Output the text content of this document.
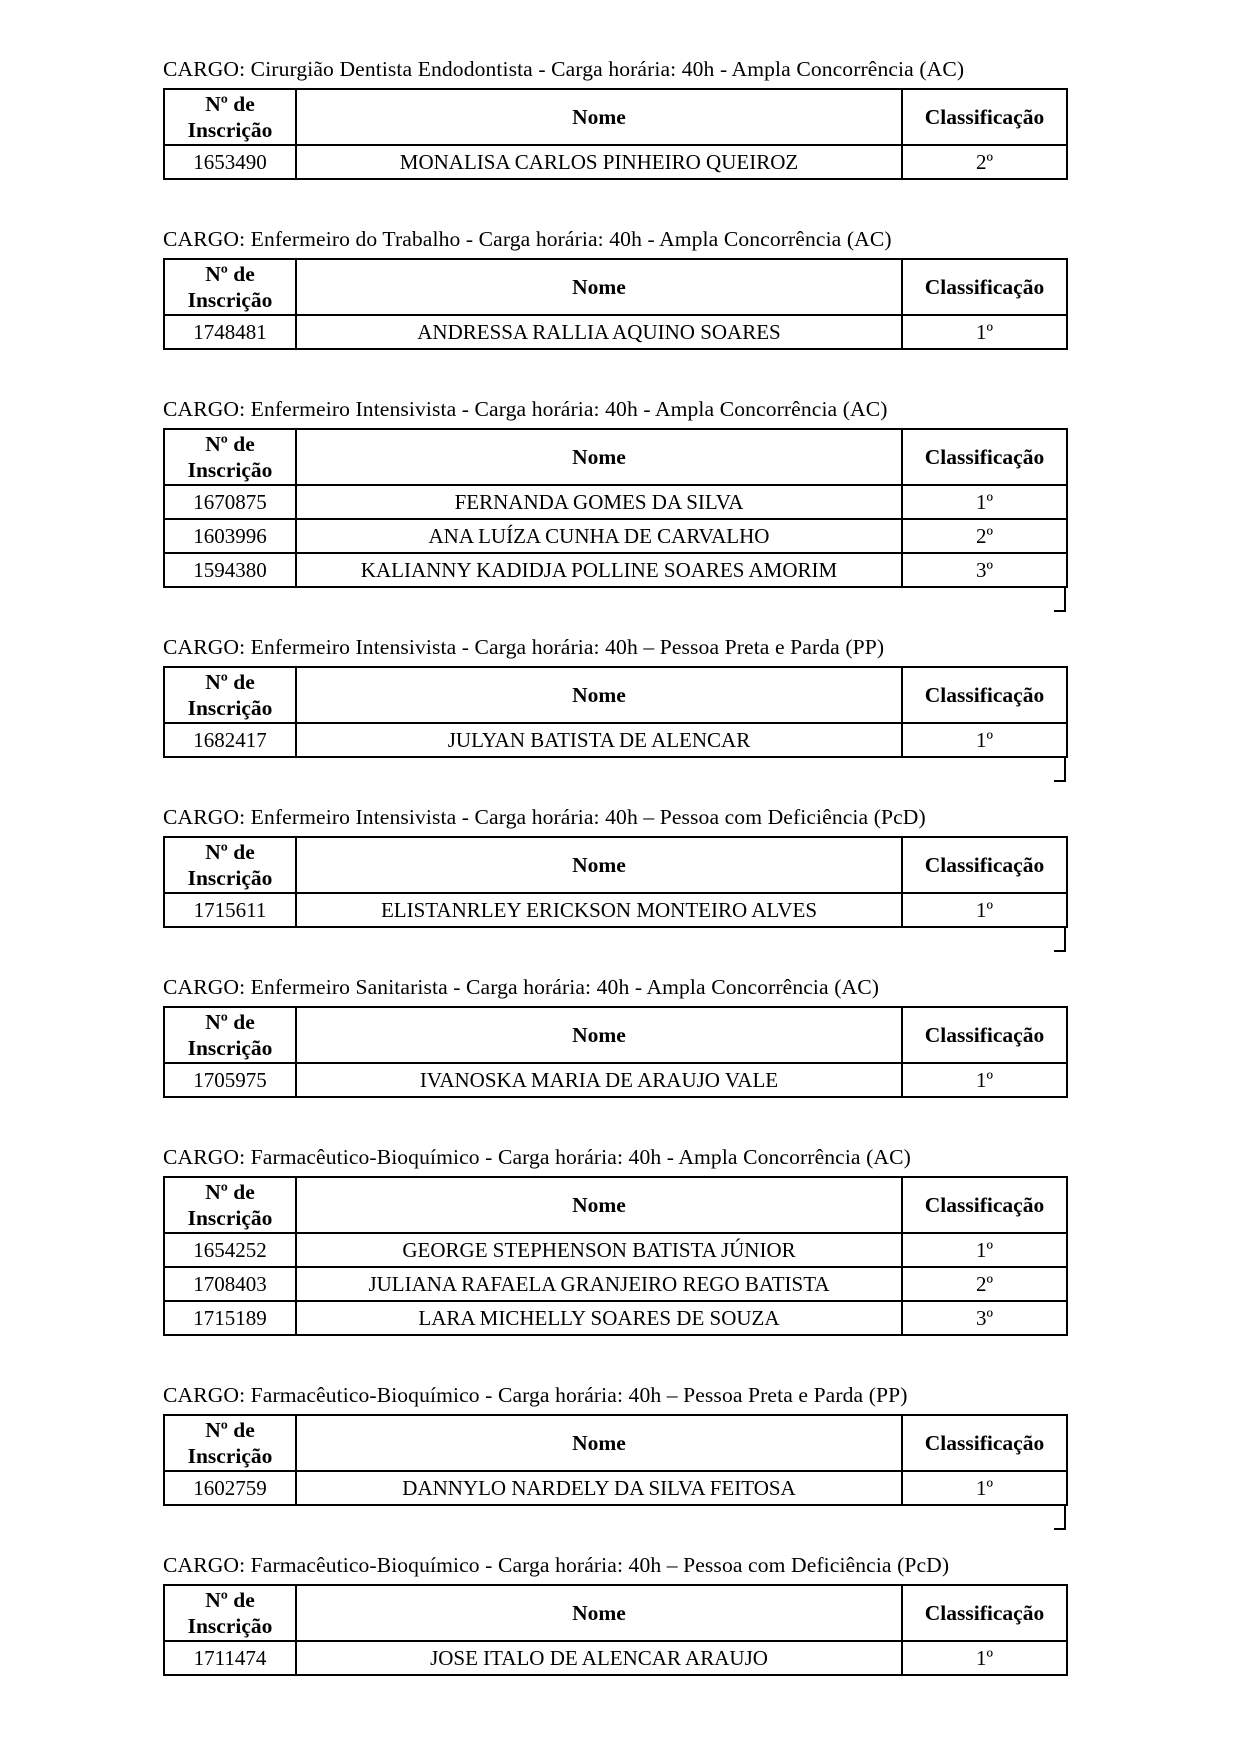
CARGO: Cirurgião Dentista Endodontista - Carga horária: 40h - Ampla Concorrência (AC)

Nº de Inscrição	Nome	Classificação
1653490	MONALISA CARLOS PINHEIRO QUEIROZ	2º

CARGO: Enfermeiro do Trabalho - Carga horária: 40h - Ampla Concorrência (AC)

Nº de Inscrição	Nome	Classificação
1748481	ANDRESSA RALLIA AQUINO SOARES	1º

CARGO: Enfermeiro Intensivista - Carga horária: 40h - Ampla Concorrência (AC)

Nº de Inscrição	Nome	Classificação
1670875	FERNANDA GOMES DA SILVA	1º
1603996	ANA LUÍZA CUNHA DE CARVALHO	2º
1594380	KALIANNY KADIDJA POLLINE SOARES AMORIM	3º

CARGO: Enfermeiro Intensivista - Carga horária: 40h – Pessoa Preta e Parda (PP)

Nº de Inscrição	Nome	Classificação
1682417	JULYAN BATISTA DE ALENCAR	1º

CARGO: Enfermeiro Intensivista - Carga horária: 40h – Pessoa com Deficiência (PcD)

Nº de Inscrição	Nome	Classificação
1715611	ELISTANRLEY ERICKSON MONTEIRO ALVES	1º

CARGO: Enfermeiro Sanitarista - Carga horária: 40h - Ampla Concorrência (AC)

Nº de Inscrição	Nome	Classificação
1705975	IVANOSKA MARIA DE ARAUJO VALE	1º

CARGO: Farmacêutico-Bioquímico - Carga horária: 40h - Ampla Concorrência (AC)

Nº de Inscrição	Nome	Classificação
1654252	GEORGE STEPHENSON BATISTA JÚNIOR	1º
1708403	JULIANA RAFAELA GRANJEIRO REGO BATISTA	2º
1715189	LARA MICHELLY SOARES DE SOUZA	3º

CARGO: Farmacêutico-Bioquímico - Carga horária: 40h – Pessoa Preta e Parda (PP)

Nº de Inscrição	Nome	Classificação
1602759	DANNYLO NARDELY DA SILVA FEITOSA	1º

CARGO: Farmacêutico-Bioquímico - Carga horária: 40h – Pessoa com Deficiência (PcD)

Nº de Inscrição	Nome	Classificação
1711474	JOSE ITALO DE ALENCAR ARAUJO	1º
